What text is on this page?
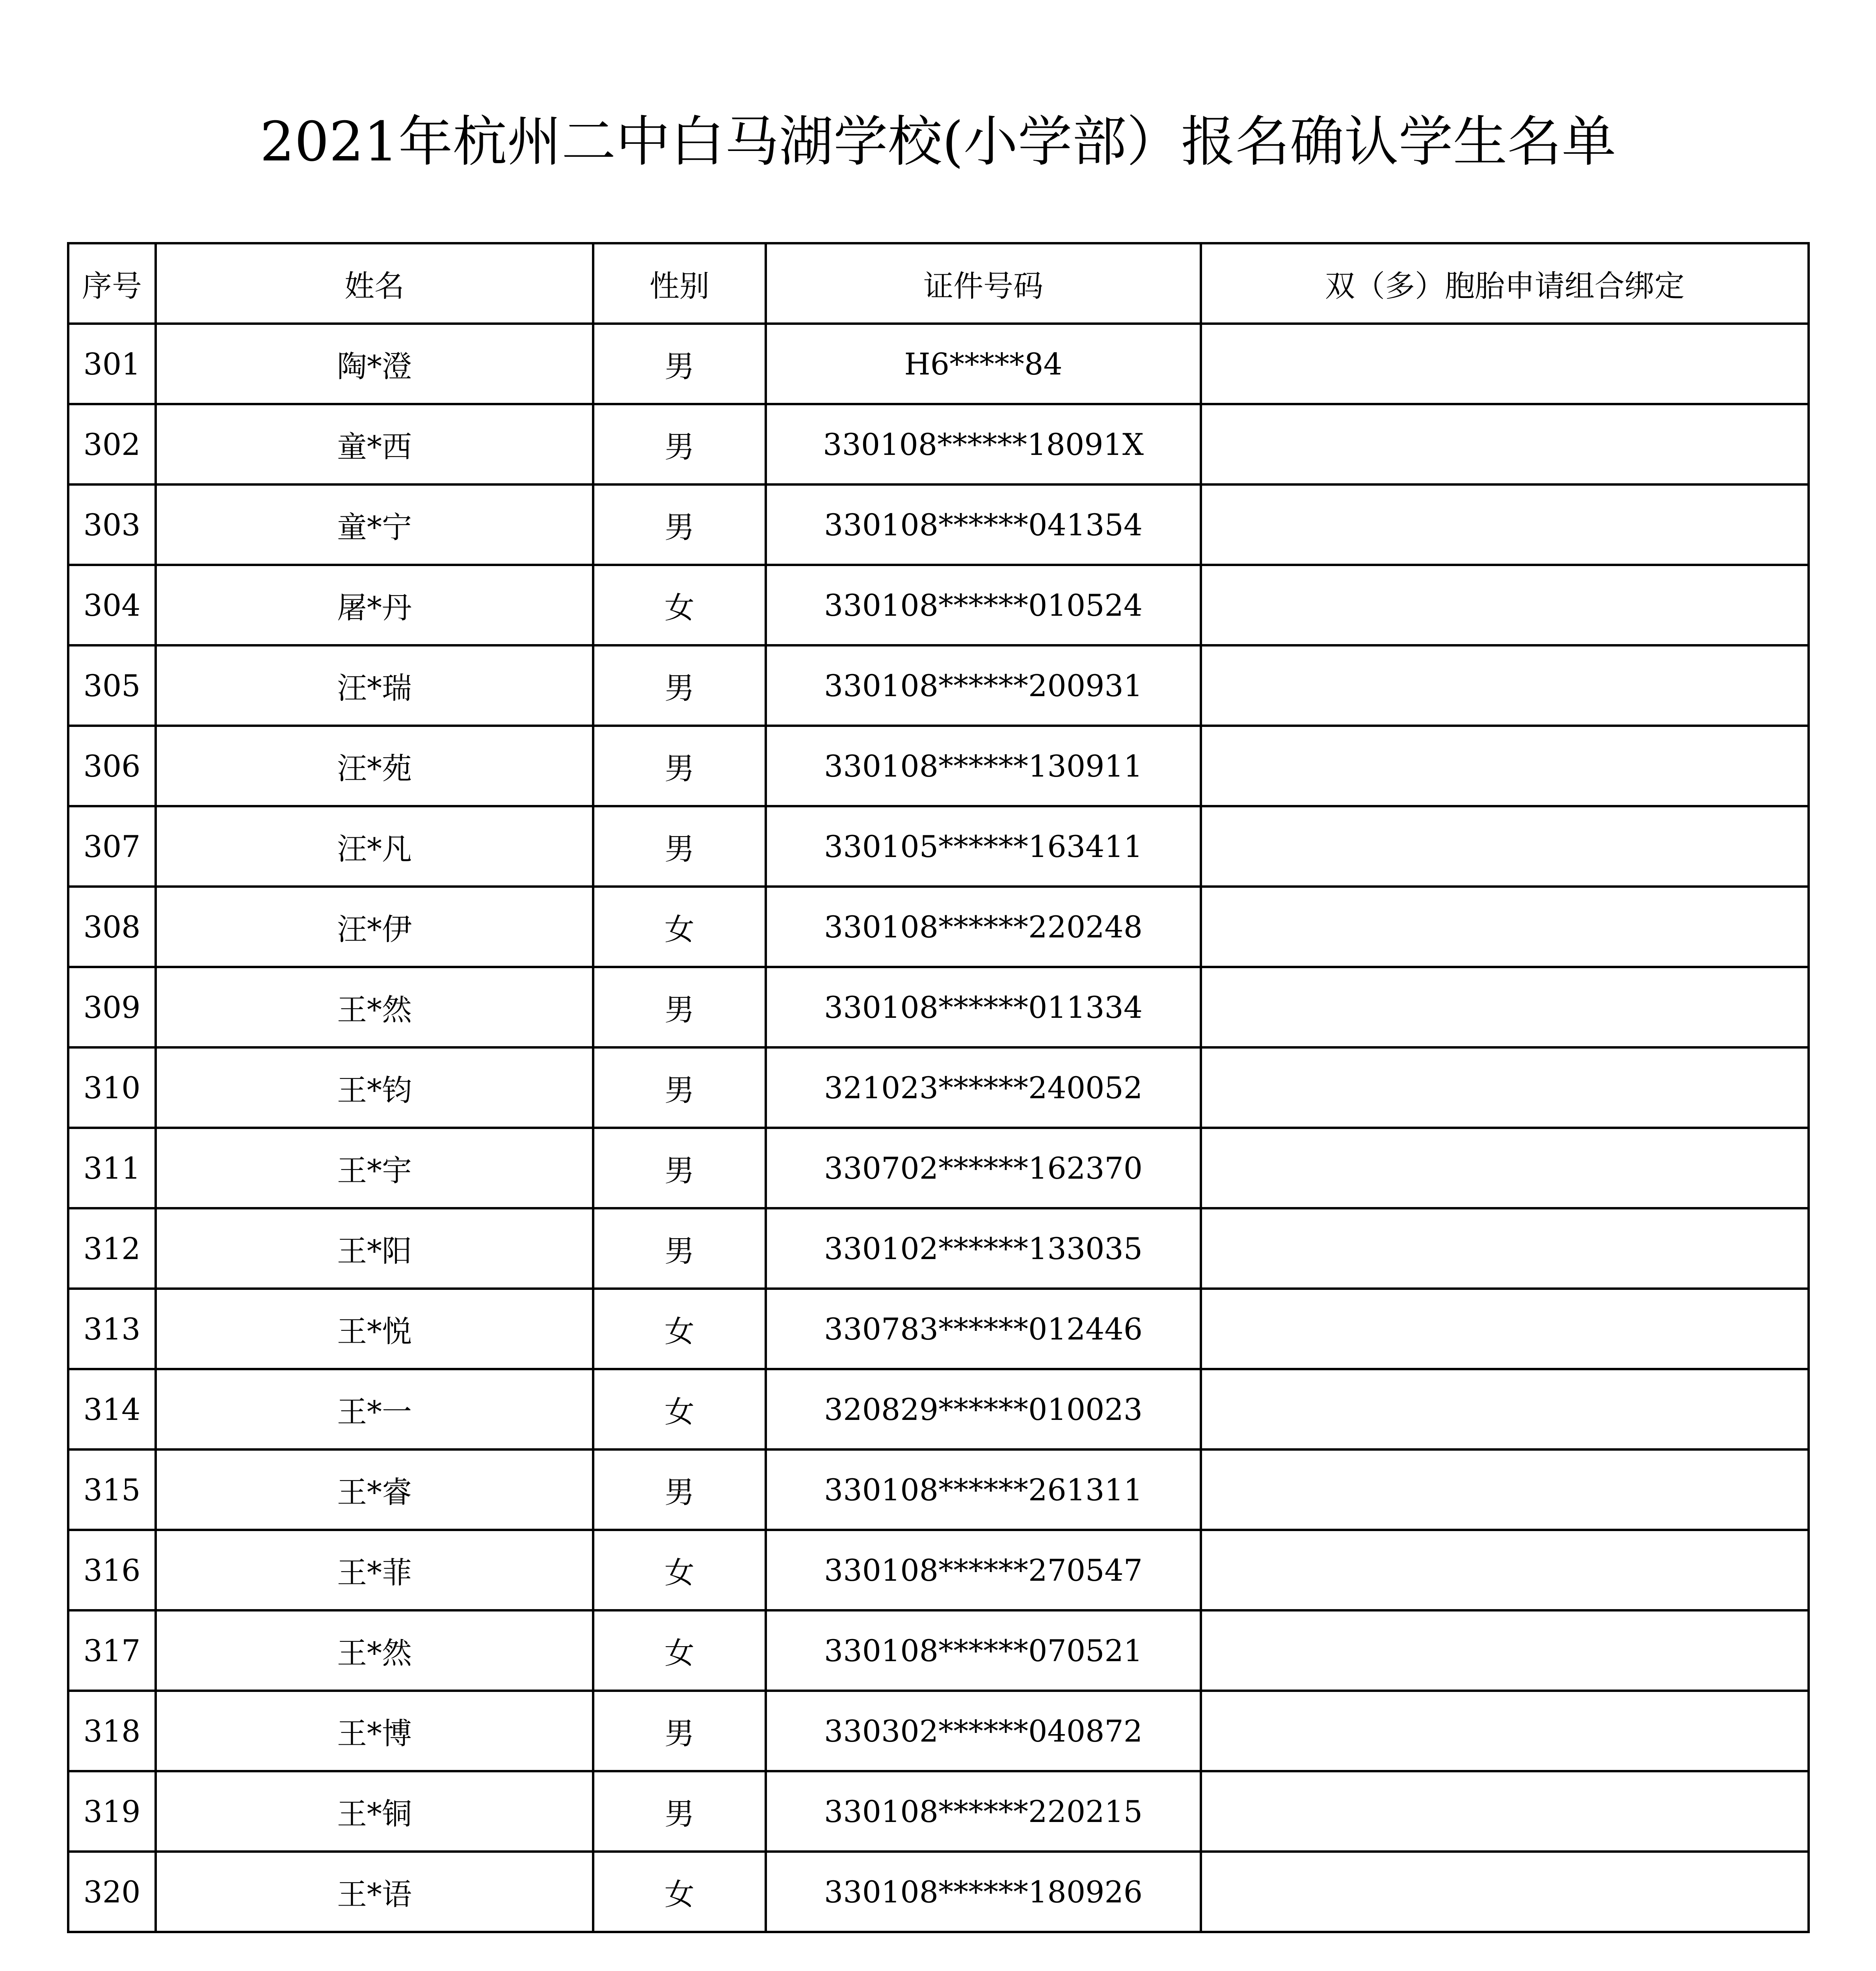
2021年杭州二中白马湖学校(小学部）报名确认学生名单
序号	姓名	性别	证件号码	双（多）胞胎申请组合绑定
301	陶*澄	男	H6*****84	
302	童*西	男	330108******18091X	
303	童*宁	男	330108******041354	
304	屠*丹	女	330108******010524	
305	汪*瑞	男	330108******200931	
306	汪*苑	男	330108******130911	
307	汪*凡	男	330105******163411	
308	汪*伊	女	330108******220248	
309	王*然	男	330108******011334	
310	王*钧	男	321023******240052	
311	王*宇	男	330702******162370	
312	王*阳	男	330102******133035	
313	王*悦	女	330783******012446	
314	王*一	女	320829******010023	
315	王*睿	男	330108******261311	
316	王*菲	女	330108******270547	
317	王*然	女	330108******070521	
318	王*博	男	330302******040872	
319	王*铜	男	330108******220215	
320	王*语	女	330108******180926	
